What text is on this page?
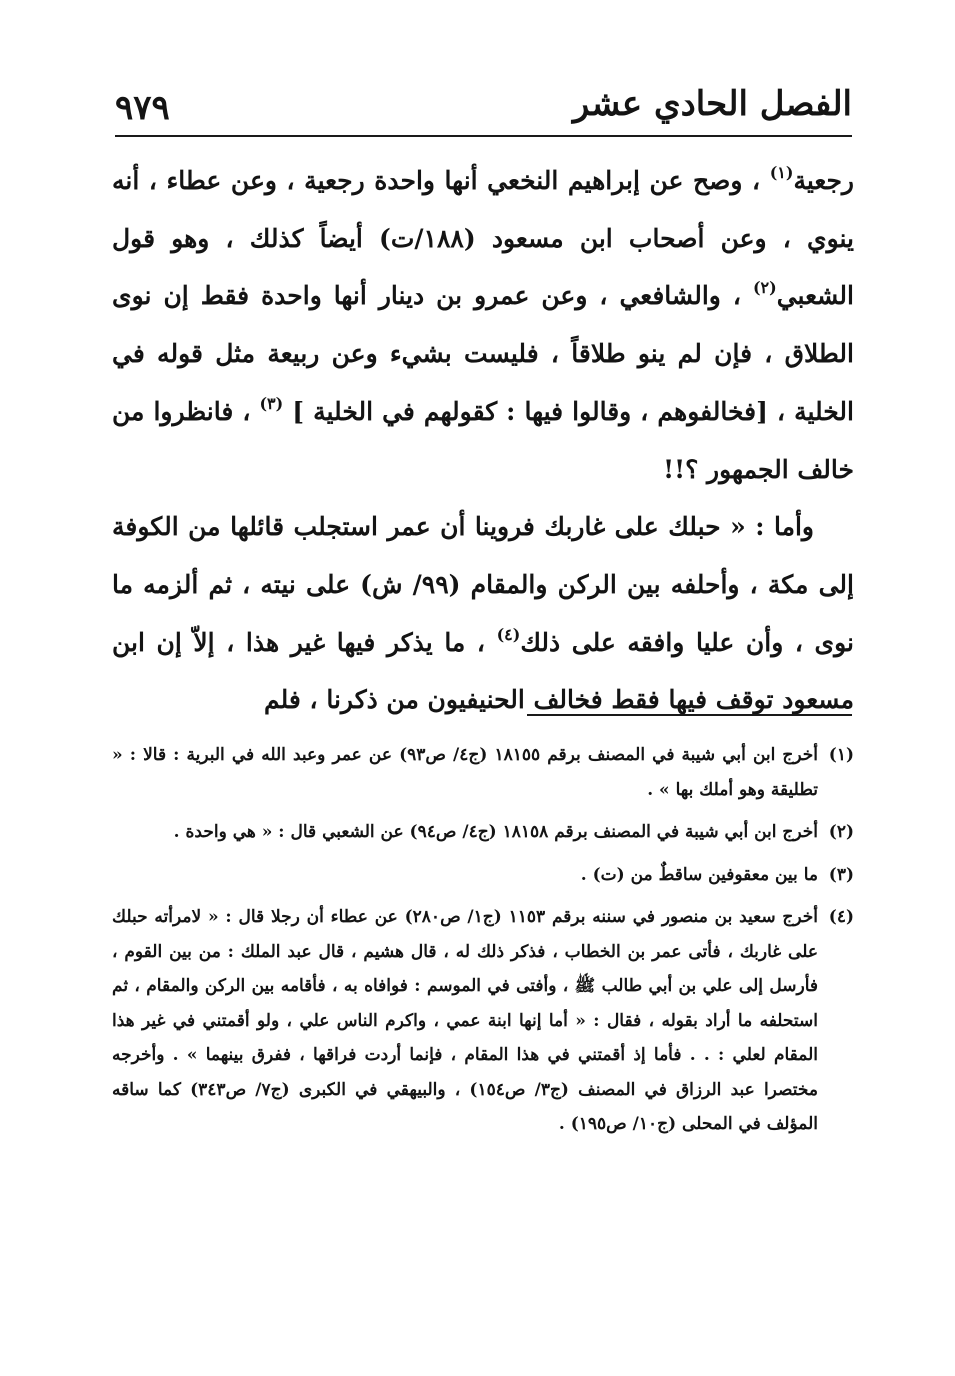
الفصل الحادي عشر
٩٧٩

رجعية$^{(١)}$ ، وصح عن إبراهيم النخعي أنها واحدة رجعية ، وعن عطاء ، أنه ينوي ، وعن أصحاب ابن مسعود (١٨٨/ت) أيضاً كذلك ، وهو قول الشعبي$^{(٢)}$ ، والشافعي ، وعن عمرو بن دينار أنها واحدة فقط إن نوى الطلاق ، فإن لم ينو طلاقاً ، فليست بشيء وعن ربيعة مثل قوله في الخلية ، [فخالفوهم ، وقالوا فيها : كقولهم في الخلية ] $^{(٣)}$ ، فانظروا من خالف الجمهور ؟!!

وأما : « حبلك على غاربك فروينا أن عمر استجلب قائلها من الكوفة إلى مكة ، وأحلفه بين الركن والمقام (٩٩/ ش) على نيته ، ثم ألزمه ما نوى ، وأن عليا وافقه على ذلك$^{(٤)}$ ، ما يذكر فيها غير هذا ، إلاّ إن ابن مسعود توقف فيها فقط فخالف الحنيفيون من ذكرنا ، فلم

(١)
أخرج ابن أبي شيبة في المصنف برقم ١٨١٥٥ (ج٤/ ص٩٣) عن عمر وعبد الله في البرية : قالا : « تطليقة وهو أملك بها » .
(٢)
أخرج ابن أبي شيبة في المصنف برقم ١٨١٥٨ (ج٤/ ص٩٤) عن الشعبي قال : « هي واحدة .
(٣)
ما بين معقوفين ساقطٌ من (ت) .
(٤)
أخرج سعيد بن منصور في سننه برقم ١١٥٣ (ج١/ ص٢٨٠) عن عطاء أن رجلا قال : « لامرأته حبلك على غاربك ، فأتى عمر بن الخطاب ، فذكر ذلك له ، قال هشيم ، قال عبد الملك : من بين القوم ، فأرسل إلى علي بن أبي طالب ﷺ ، وأفتى في الموسم : فوافاه به ، فأقامه بين الركن والمقام ، ثم استحلفه ما أراد بقوله ، فقال : « أما إنها ابنة عمي ، واكرم الناس علي ، ولو أقمتني في غير هذا المقام لعلي : . . فأما إذ أقمتني في هذا المقام ، فإنما أردت فراقها ، ففرق بينهما » . وأخرجه مختصرا عبد الرزاق في المصنف (ج٣/ ص١٥٤) ، والبيهقي في الكبرى (ج٧/ ص٣٤٣) كما ساقه المؤلف في المحلى (ج١٠/ ص١٩٥) .
